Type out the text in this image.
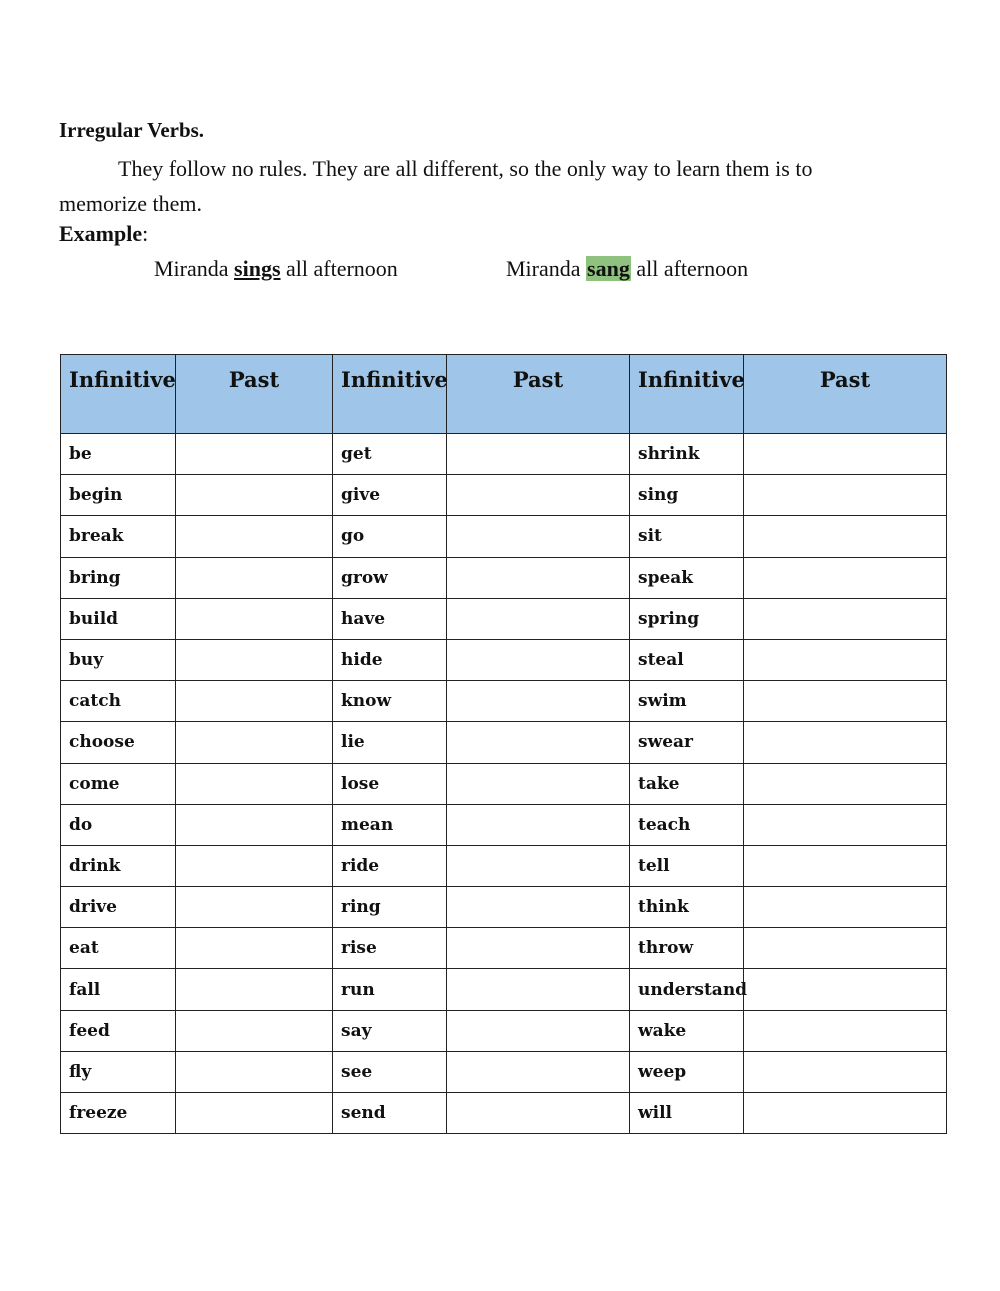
Irregular Verbs.

They follow no rules. They are all different, so the only way to learn them is to memorize them.

Example:
Miranda sings all afternoon	Miranda sang all afternoon
Infinitive	Past	Infinitive	Past	Infinitive	Past
be		get		shrink	
begin		give		sing	
break		go		sit	
bring		grow		speak	
build		have		spring	
buy		hide		steal	
catch		know		swim	
choose		lie		swear	
come		lose		take	
do		mean		teach	
drink		ride		tell	
drive		ring		think	
eat		rise		throw	
fall		run		understand	
feed		say		wake	
fly		see		weep	
freeze		send		will	
